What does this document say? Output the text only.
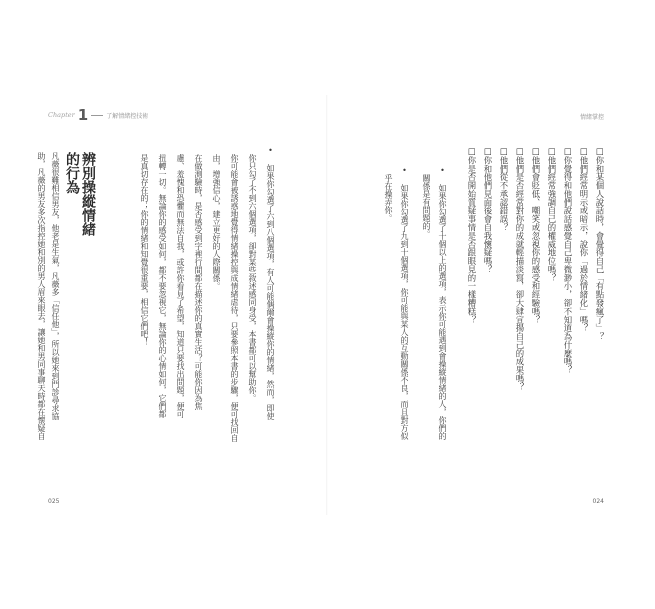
Chapter 1	了解情緒控技術	情緒掌控
辨別操縱情緒
的行為
凡薇很難相信男友，他老是生氣，凡薇多「信任他」，所以她來到門診尋求協
助，凡薇的男友多次指控她和別的男人眉來眼去，讓她和男同事聊天時都在懷疑自	• 如果你勾選了六到八個選項，有人可能偶爾會操縱你的情緒，然而，即使
你只勾了不到六個選項，卻對某些敘述感同身受，本書都可以幫助你。
你可能會被誘惑地覺得情緒操控與成情緒虐待，只要參照本書的步驟，便可找回自
由，增強信心，建立更好的人際關係。
在做測驗時，是否感受到字裡行間都在描述你的真實生活？可能你因為焦
慮、羞愧和恐懼而無法自我，或許你看見了希望，知道只要找出問題，便可
扭轉一切。無論你的感受如何，都不要忽視它，無論你的心情如何，它們都
是真切存在的；你的情緒和知覺很重要，相信它們吧！
□你和某個人說話時，會覺得自己「有點發瘋了」？
□他們經常明示或暗示，說你「過於情緒化」嗎？
□你覺得和他們說話感覺自己卑微渺小，卻不知道為什麼嗎？
□他們經常強調自己的權威地位嗎？
□他們會貶低、嘲笑或忽視你的感受和經驗嗎？
□他們是否經常對你的成就輕描淡寫，卻大肆宣揚自己的成果嗎？
□他們從不承認錯誤？
□你和他們見面後會自我懷疑嗎？
□你是否開始質疑事情是否跟眼見的一樣糟糕？
• 如果你勾選了十個以上的選項，表示你可能遇到會操縱情緒的人，你們的
關係是有問題的。
• 如果你勾選了九到十個選項，你可能與某人的互動關係不良，而且對方似
乎在操弄你。
025	024
